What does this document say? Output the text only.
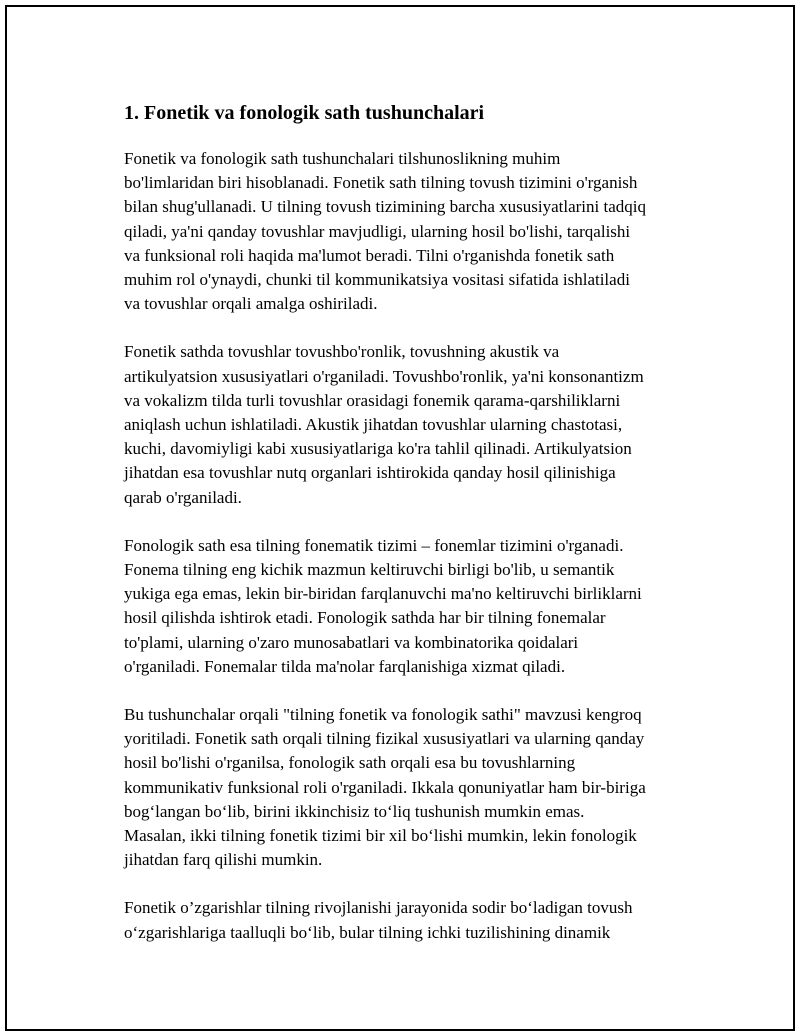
1. Fonetik va fonologik sath tushunchalari

Fonetik va fonologik sath tushunchalari tilshunoslikning muhim
bo'limlaridan biri hisoblanadi. Fonetik sath tilning tovush tizimini o'rganish
bilan shug'ullanadi. U tilning tovush tizimining barcha xususiyatlarini tadqiq
qiladi, ya'ni qanday tovushlar mavjudligi, ularning hosil bo'lishi, tarqalishi
va funksional roli haqida ma'lumot beradi. Tilni o'rganishda fonetik sath
muhim rol o'ynaydi, chunki til kommunikatsiya vositasi sifatida ishlatiladi
va tovushlar orqali amalga oshiriladi.

Fonetik sathda tovushlar tovushbo'ronlik, tovushning akustik va
artikulyatsion xususiyatlari o'rganiladi. Tovushbo'ronlik, ya'ni konsonantizm
va vokalizm tilda turli tovushlar orasidagi fonemik qarama-qarshiliklarni
aniqlash uchun ishlatiladi. Akustik jihatdan tovushlar ularning chastotasi,
kuchi, davomiyligi kabi xususiyatlariga ko'ra tahlil qilinadi. Artikulyatsion
jihatdan esa tovushlar nutq organlari ishtirokida qanday hosil qilinishiga
qarab o'rganiladi.

Fonologik sath esa tilning fonematik tizimi – fonemlar tizimini o'rganadi.
Fonema tilning eng kichik mazmun keltiruvchi birligi bo'lib, u semantik
yukiga ega emas, lekin bir-biridan farqlanuvchi ma'no keltiruvchi birliklarni
hosil qilishda ishtirok etadi. Fonologik sathda har bir tilning fonemalar
to'plami, ularning o'zaro munosabatlari va kombinatorika qoidalari
o'rganiladi. Fonemalar tilda ma'nolar farqlanishiga xizmat qiladi.

Bu tushunchalar orqali "tilning fonetik va fonologik sathi" mavzusi kengroq
yoritiladi. Fonetik sath orqali tilning fizikal xususiyatlari va ularning qanday
hosil bo'lishi o'rganilsa, fonologik sath orqali esa bu tovushlarning
kommunikativ funksional roli o'rganiladi. Ikkala qonuniyatlar ham bir-biriga
bog‘langan bo‘lib, birini ikkinchisiz to‘liq tushunish mumkin emas.
Masalan, ikki tilning fonetik tizimi bir xil bo‘lishi mumkin, lekin fonologik
jihatdan farq qilishi mumkin.

Fonetik o’zgarishlar tilning rivojlanishi jarayonida sodir bo‘ladigan tovush
o‘zgarishlariga taalluqli bo‘lib, bular tilning ichki tuzilishining dinamik
